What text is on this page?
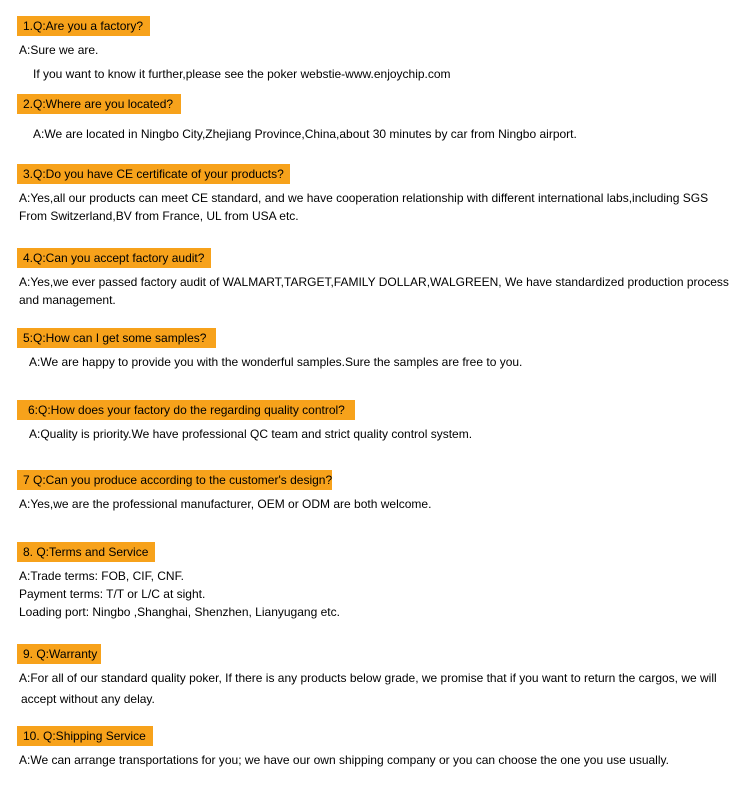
1.Q:Are you a factory?
A:Sure we are.
If you want to know it further,please see the poker webstie-www.enjoychip.com
2.Q:Where are you located?
A:We are located in Ningbo City,Zhejiang Province,China,about 30 minutes by car from Ningbo airport.
3.Q:Do you have CE certificate of your products?
A:Yes,all our products can meet CE standard, and we have cooperation relationship with different international labs,including SGS
From Switzerland,BV from France, UL from USA etc.
4.Q:Can you accept factory audit?
A:Yes,we ever passed factory audit of WALMART,TARGET,FAMILY DOLLAR,WALGREEN, We have standardized production process
and management.
5:Q:How can I get some samples?
A:We are happy to provide you with the wonderful samples.Sure the samples are free to you.
6:Q:How does your factory do the regarding quality control?
A:Quality is priority.We have professional QC team and strict quality control system.
7 Q:Can you produce according to the customer's design?
A:Yes,we are the professional manufacturer, OEM or ODM are both welcome.
8. Q:Terms and Service
A:Trade terms: FOB, CIF, CNF.
Payment terms: T/T or L/C at sight.
Loading port: Ningbo ,Shanghai, Shenzhen, Lianyugang etc.
9. Q:Warranty
A:For all of our standard quality poker, If there is any products below grade, we promise that if you want to return the cargos, we will
accept without any delay.
10. Q:Shipping Service
A:We can arrange transportations for you; we have our own shipping company or you can choose the one you use usually.
